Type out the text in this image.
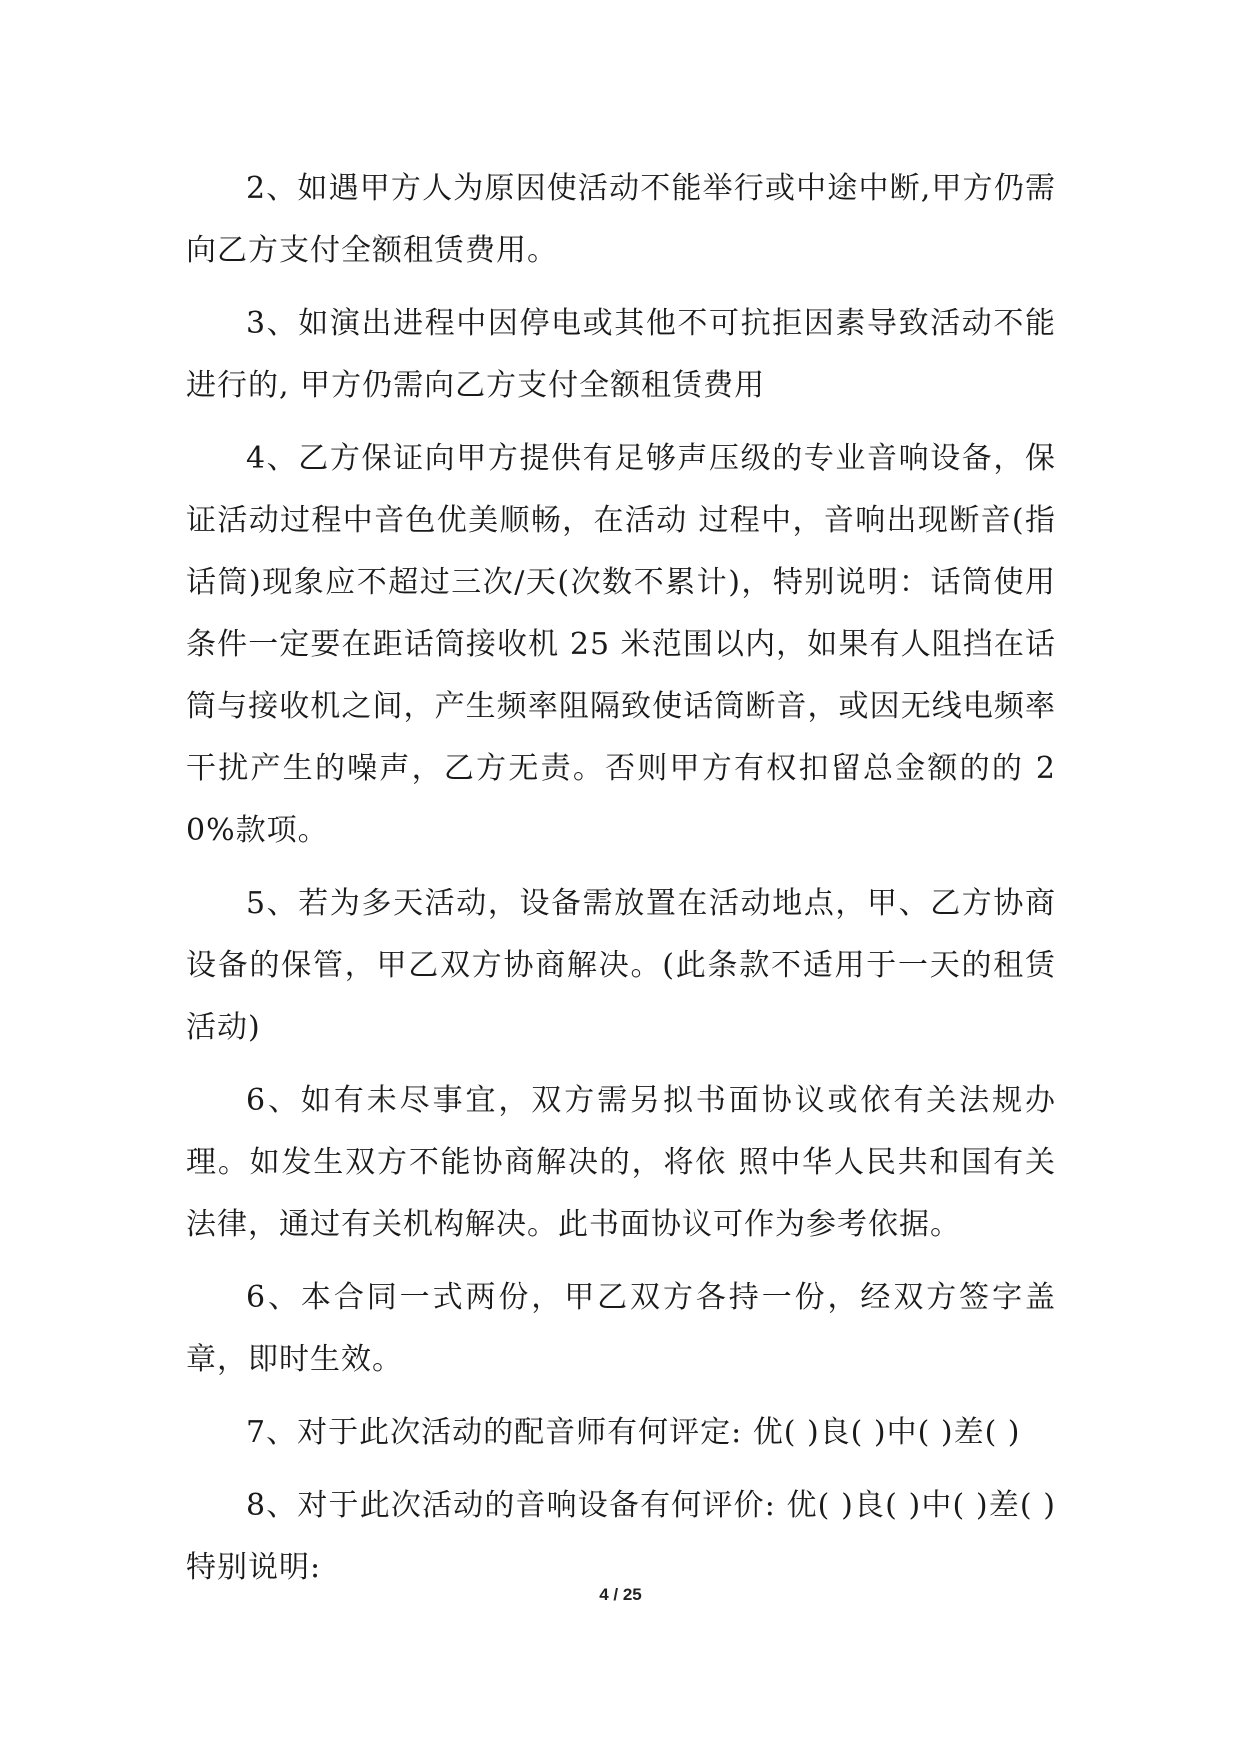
2、如遇甲方人为原因使活动不能举行或中途中断,甲方仍需向乙方支付全额租赁费用。

3、如演出进程中因停电或其他不可抗拒因素导致活动不能进行的, 甲方仍需向乙方支付全额租赁费用

4、乙方保证向甲方提供有足够声压级的专业音响设备，保证活动过程中音色优美顺畅，在活动 过程中，音响出现断音(指话筒)现象应不超过三次/天(次数不累计)，特别说明：话筒使用条件一定要在距话筒接收机 25 米范围以内，如果有人阻挡在话筒与接收机之间，产生频率阻隔致使话筒断音，或因无线电频率干扰产生的噪声，乙方无责。否则甲方有权扣留总金额的的 20%款项。

5、若为多天活动，设备需放置在活动地点，甲、乙方协商设备的保管，甲乙双方协商解决。(此条款不适用于一天的租赁活动)

6、如有未尽事宜，双方需另拟书面协议或依有关法规办理。如发生双方不能协商解决的，将依 照中华人民共和国有关法律，通过有关机构解决。此书面协议可作为参考依据。

6、本合同一式两份，甲乙双方各持一份，经双方签字盖章，即时生效。

7、对于此次活动的配音师有何评定: 优( )良( )中( )差( )

8、对于此次活动的音响设备有何评价: 优( )良( )中( )差( ) 特别说明:

4 / 25
